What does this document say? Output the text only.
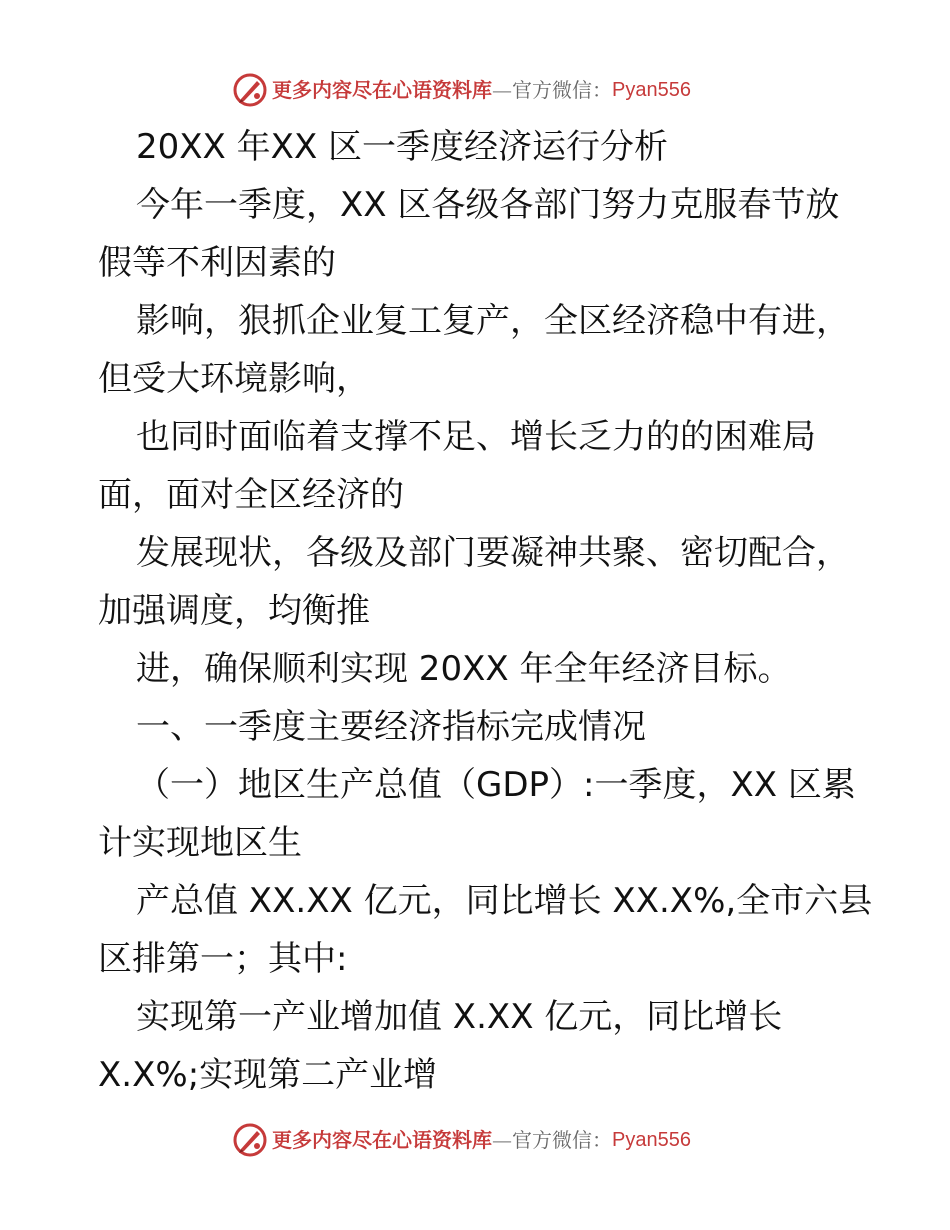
更多内容尽在心语资料库 — 官方微信： Pyan556
20XX 年XX 区一季度经济运行分析
今年一季度，XX 区各级各部门努力克服春节放
假等不利因素的
影响，狠抓企业复工复产，全区经济稳中有进，
但受大环境影响，
也同时面临着支撑不足、增长乏力的的困难局
面，面对全区经济的
发展现状，各级及部门要凝神共聚、密切配合，
加强调度，均衡推
进，确保顺利实现 20XX 年全年经济目标。
一、一季度主要经济指标完成情况
（一）地区生产总值（GDP）:一季度，XX 区累
计实现地区生
产总值 XX.XX 亿元，同比增长 XX.X%,全市六县
区排第一；其中:
实现第一产业增加值 X.XX 亿元，同比增长
X.X%;实现第二产业增
更多内容尽在心语资料库 — 官方微信： Pyan556
